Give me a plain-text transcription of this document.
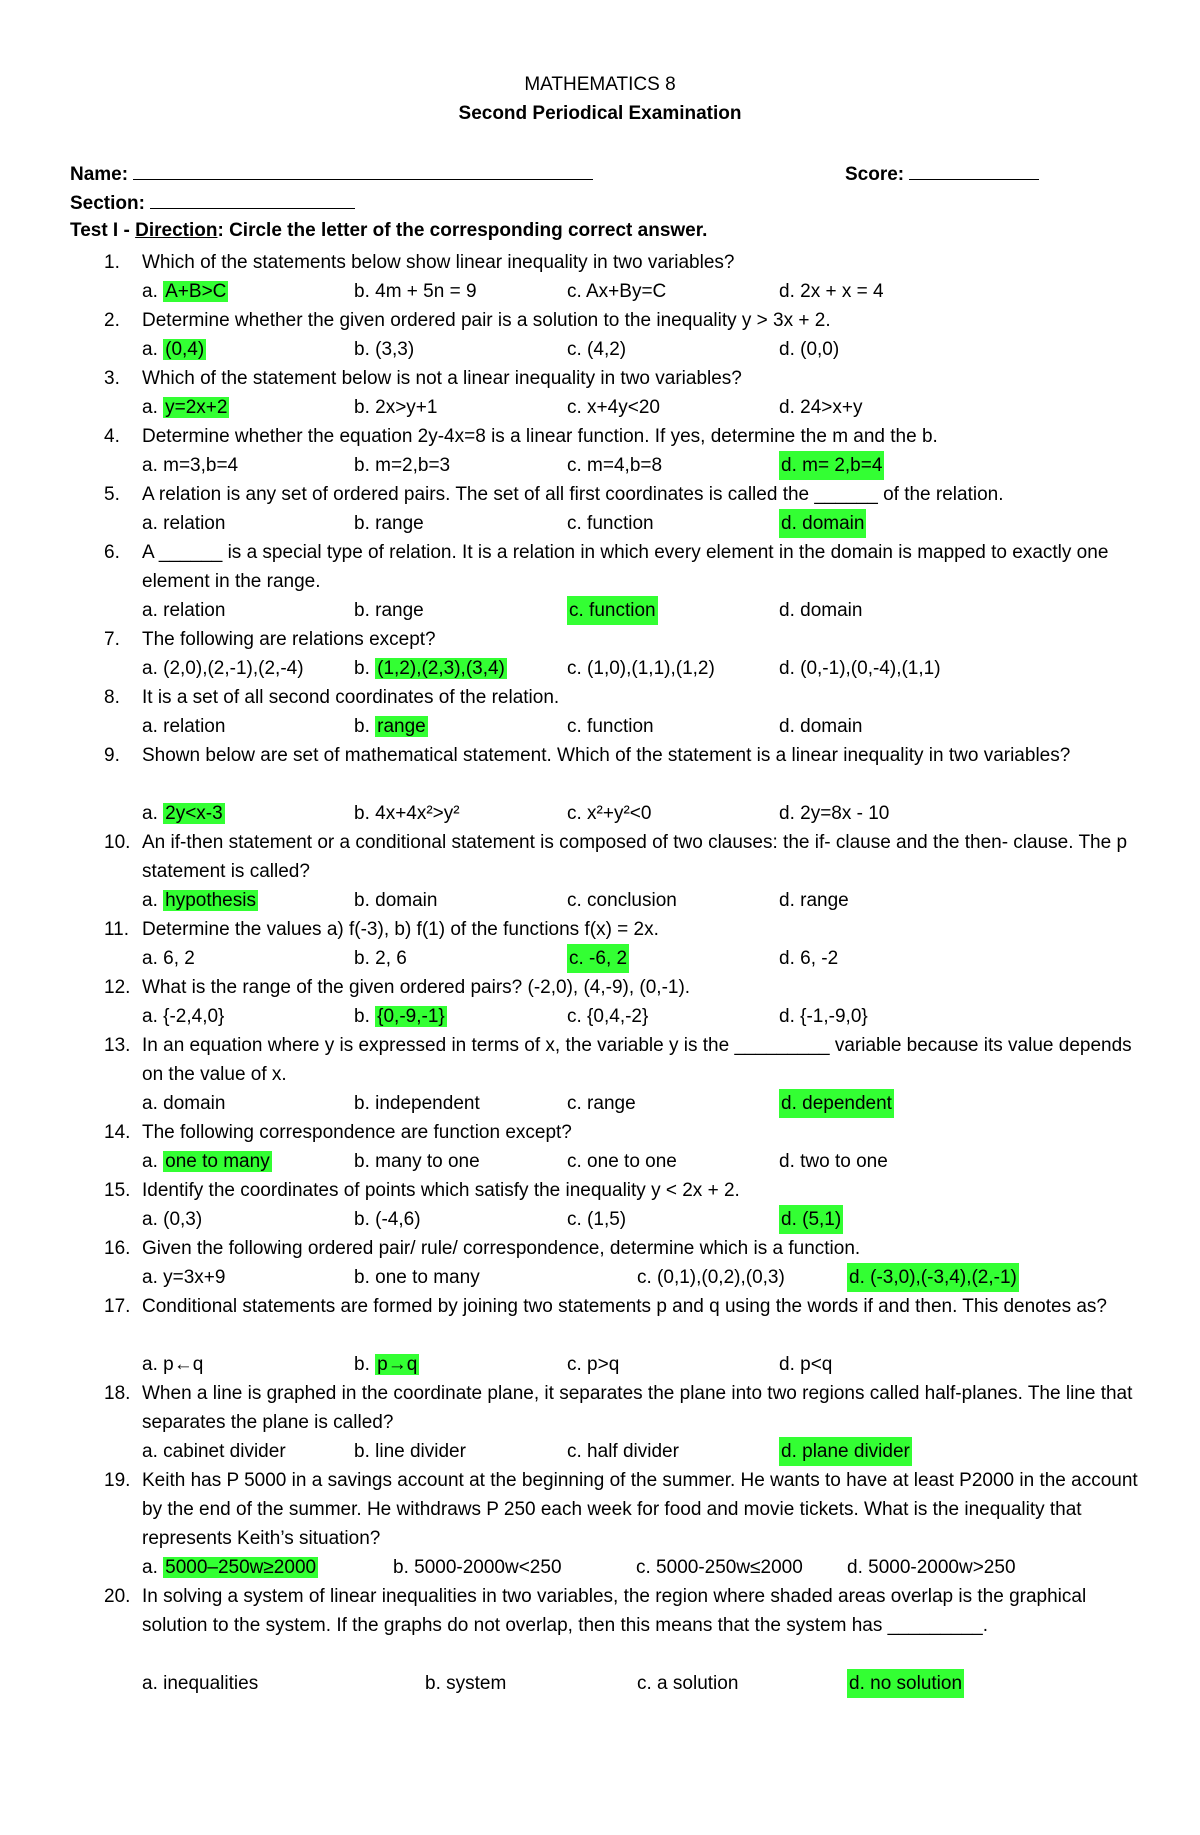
MATHEMATICS 8
Second Periodical Examination
Name:	Score:
Section:
Test I - Direction: Circle the letter of the corresponding correct answer.
1.	Which of the statements below show linear inequality in two variables?
a. A+B>C	b. 4m + 5n = 9	c. Ax+By=C	d. 2x + x = 4
2.	Determine whether the given ordered pair is a solution to the inequality y > 3x + 2.
a. (0,4)	b. (3,3)	c. (4,2)	d. (0,0)
3.	Which of the statement below is not a linear inequality in two variables?
a. y=2x+2	b. 2x>y+1	c. x+4y<20	d. 24>x+y
4.	Determine whether the equation 2y-4x=8 is a linear function. If yes, determine the m and the b.
a. m=3,b=4	b. m=2,b=3	c. m=4,b=8	d. m= 2,b=4
5.	A relation is any set of ordered pairs. The set of all first coordinates is called the ______ of the relation.
a. relation	b. range	c. function	d. domain
6.	A ______ is a special type of relation. It is a relation in which every element in the domain is mapped to exactly one element in the range.
a. relation	b. range	c. function	d. domain
7.	The following are relations except?
a. (2,0),(2,-1),(2,-4)	b. (1,2),(2,3),(3,4)	c. (1,0),(1,1),(1,2)	d. (0,-1),(0,-4),(1,1)
8.	It is a set of all second coordinates of the relation.
a. relation	b. range	c. function	d. domain
9.	Shown below are set of mathematical statement. Which of the statement is a linear inequality in two variables?
a. 2y<x-3	b. 4x+4x²>y²	c. x²+y²<0	d. 2y=8x - 10
10. An if-then statement or a conditional statement is composed of two clauses: the if- clause and the then- clause. The p statement is called?
a. hypothesis	b. domain	c. conclusion	d. range
11. Determine the values a) f(-3), b) f(1) of the functions f(x) = 2x.
a. 6, 2	b. 2, 6	c. -6, 2	d. 6, -2
12. What is the range of the given ordered pairs? (-2,0), (4,-9), (0,-1).
a. {-2,4,0}	b. {0,-9,-1}	c. {0,4,-2}	d. {-1,-9,0}
13. In an equation where y is expressed in terms of x, the variable y is the _________ variable because its value depends on the value of x.
a. domain	b. independent	c. range	d. dependent
14. The following correspondence are function except?
a. one to many	b. many to one	c. one to one	d. two to one
15. Identify the coordinates of points which satisfy the inequality y < 2x + 2.
a. (0,3)	b. (-4,6)	c. (1,5)	d. (5,1)
16. Given the following ordered pair/ rule/ correspondence, determine which is a function.
a. y=3x+9	b. one to many	c. (0,1),(0,2),(0,3)	d. (-3,0),(-3,4),(2,-1)
17. Conditional statements are formed by joining two statements p and q using the words if and then. This denotes as?
a. p←q	b. p→q	c. p>q	d. p<q
18. When a line is graphed in the coordinate plane, it separates the plane into two regions called half-planes. The line that separates the plane is called?
a. cabinet divider	b. line divider	c. half divider	d. plane divider
19. Keith has P 5000 in a savings account at the beginning of the summer. He wants to have at least P2000 in the account by the end of the summer. He withdraws P 250 each week for food and movie tickets. What is the inequality that represents Keith’s situation?
a. 5000–250w≥2000	b. 5000-2000w<250	c. 5000-250w≤2000 d. 5000-2000w>250
20. In solving a system of linear inequalities in two variables, the region where shaded areas overlap is the graphical solution to the system. If the graphs do not overlap, then this means that the system has _________.
a. inequalities	b. system	c. a solution	d. no solution
